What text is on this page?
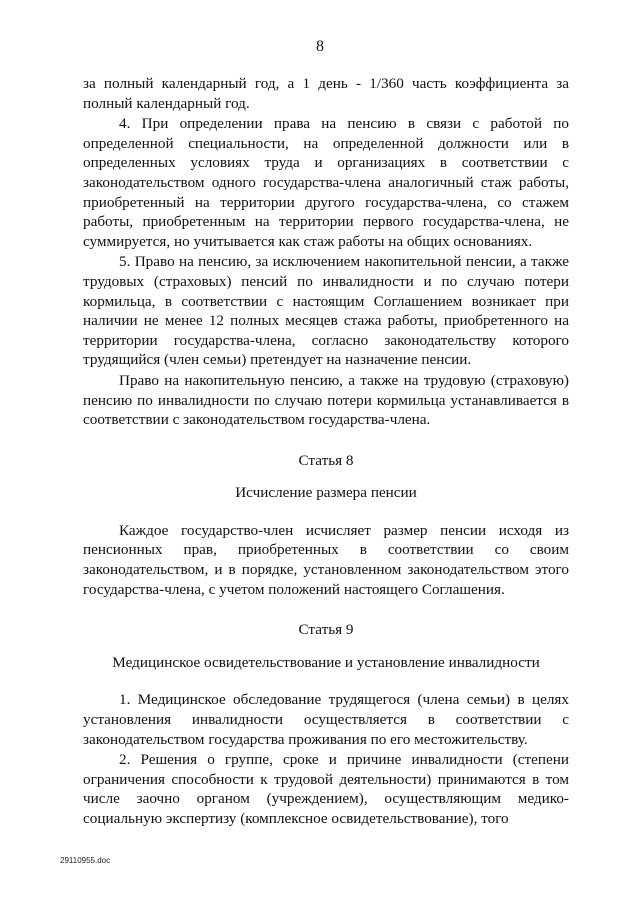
8

за полный календарный год, а 1 день - 1/360 часть коэффициента за полный календарный год.

4. При определении права на пенсию в связи с работой по определенной специальности, на определенной должности или в определенных условиях труда и организациях в соответствии с законодательством одного государства-члена аналогичный стаж работы, приобретенный на территории другого государства-члена, со стажем работы, приобретенным на территории первого государства-члена, не суммируется, но учитывается как стаж работы на общих основаниях.

5. Право на пенсию, за исключением накопительной пенсии, а также трудовых (страховых) пенсий по инвалидности и по случаю потери кормильца, в соответствии с настоящим Соглашением возникает при наличии не менее 12 полных месяцев стажа работы, приобретенного на территории государства-члена, согласно законодательству которого трудящийся (член семьи) претендует на назначение пенсии.

Право на накопительную пенсию, а также на трудовую (страховую) пенсию по инвалидности по случаю потери кормильца устанавливается в соответствии с законодательством государства-члена.

Статья 8

Исчисление размера пенсии

Каждое государство-член исчисляет размер пенсии исходя из пенсионных прав, приобретенных в соответствии со своим законодательством, и в порядке, установленном законодательством этого государства-члена, с учетом положений настоящего Соглашения.

Статья 9

Медицинское освидетельствование и установление инвалидности

1. Медицинское обследование трудящегося (члена семьи) в целях установления инвалидности осуществляется в соответствии с законодательством государства проживания по его местожительству.

2. Решения о группе, сроке и причине инвалидности (степени ограничения способности к трудовой деятельности) принимаются в том числе заочно органом (учреждением), осуществляющим медико-социальную экспертизу (комплексное освидетельствование), того

29110955.doc
